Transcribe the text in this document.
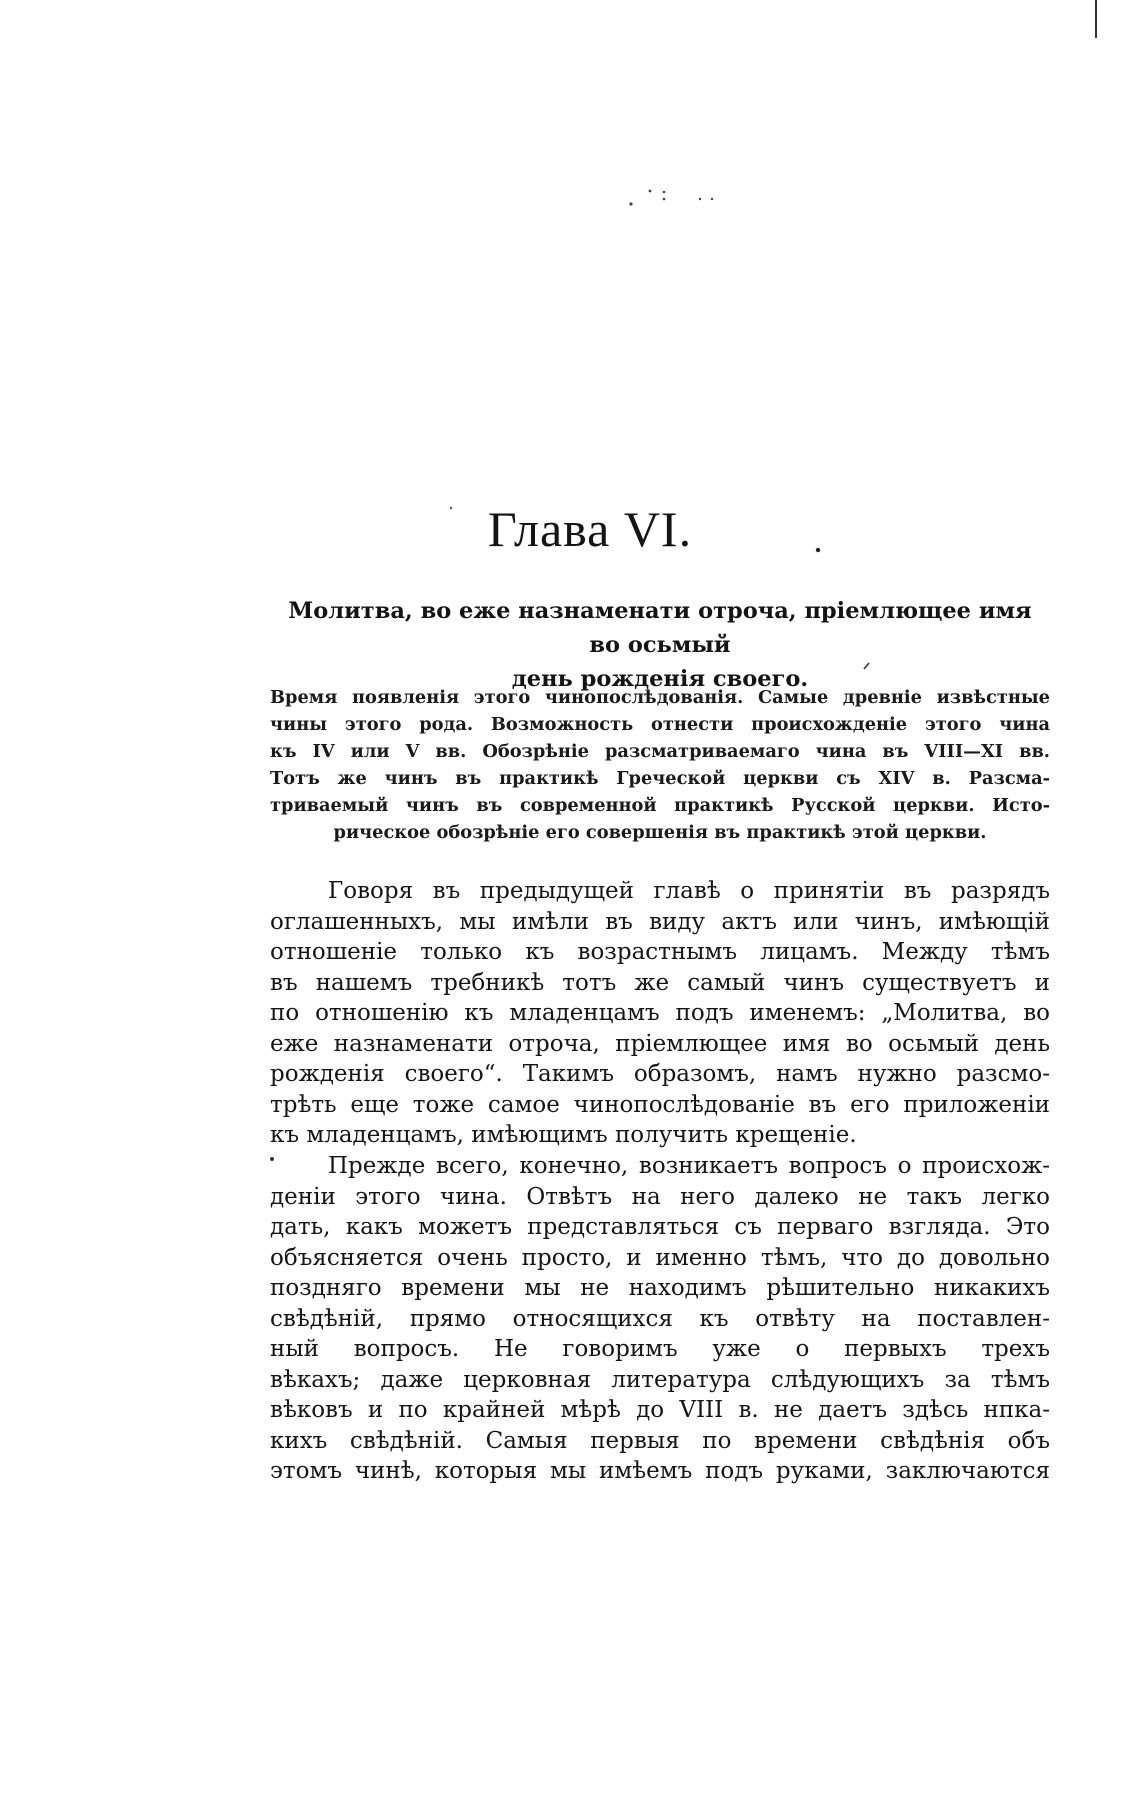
Глава VI.
Молитва, во еже назнаменати отроча, пріемлющее имя во осьмый
день рожденія своего.
Время появленія этого чинопослѣдованія. Самые древніе извѣстные
чины этого рода. Возможность отнести происхожденіе этого чина
къ IV или V вв. Обозрѣніе разсматриваемаго чина въ VIII—XI вв.
Тотъ же чинъ въ практикѣ Греческой церкви съ XIV в. Разсма-
триваемый чинъ въ современной практикѣ Русской церкви. Исто-
рическое обозрѣніе его совершенія въ практикѣ этой церкви.
Говоря въ предыдущей главѣ о принятіи въ разрядъ
оглашенныхъ, мы имѣли въ виду актъ или чинъ, имѣющій
отношеніе только къ возрастнымъ лицамъ. Между тѣмъ
въ нашемъ требникѣ тотъ же самый чинъ существуетъ и
по отношенію къ младенцамъ подъ именемъ: „Молитва, во
еже назнаменати отроча, пріемлющее имя во осьмый день
рожденія своего“. Такимъ образомъ, намъ нужно разсмо-
трѣть еще тоже самое чинопослѣдованіе въ его приложеніи
къ младенцамъ, имѣющимъ получить крещеніе.
Прежде всего, конечно, возникаетъ вопросъ о происхож-
деніи этого чина. Отвѣтъ на него далеко не такъ легко
дать, какъ можетъ представляться съ перваго взгляда. Это
объясняется очень просто, и именно тѣмъ, что до довольно
поздняго времени мы не находимъ рѣшительно никакихъ
свѣдѣній, прямо относящихся къ отвѣту на поставлен-
ный вопросъ. Не говоримъ уже о первыхъ трехъ
вѣкахъ; даже церковная литература слѣдующихъ за тѣмъ
вѣковъ и по крайней мѣрѣ до VIII в. не даетъ здѣсь нпка-
кихъ свѣдѣній. Самыя первыя по времени свѣдѣнія объ
этомъ чинѣ, которыя мы имѣемъ подъ руками, заключаются
